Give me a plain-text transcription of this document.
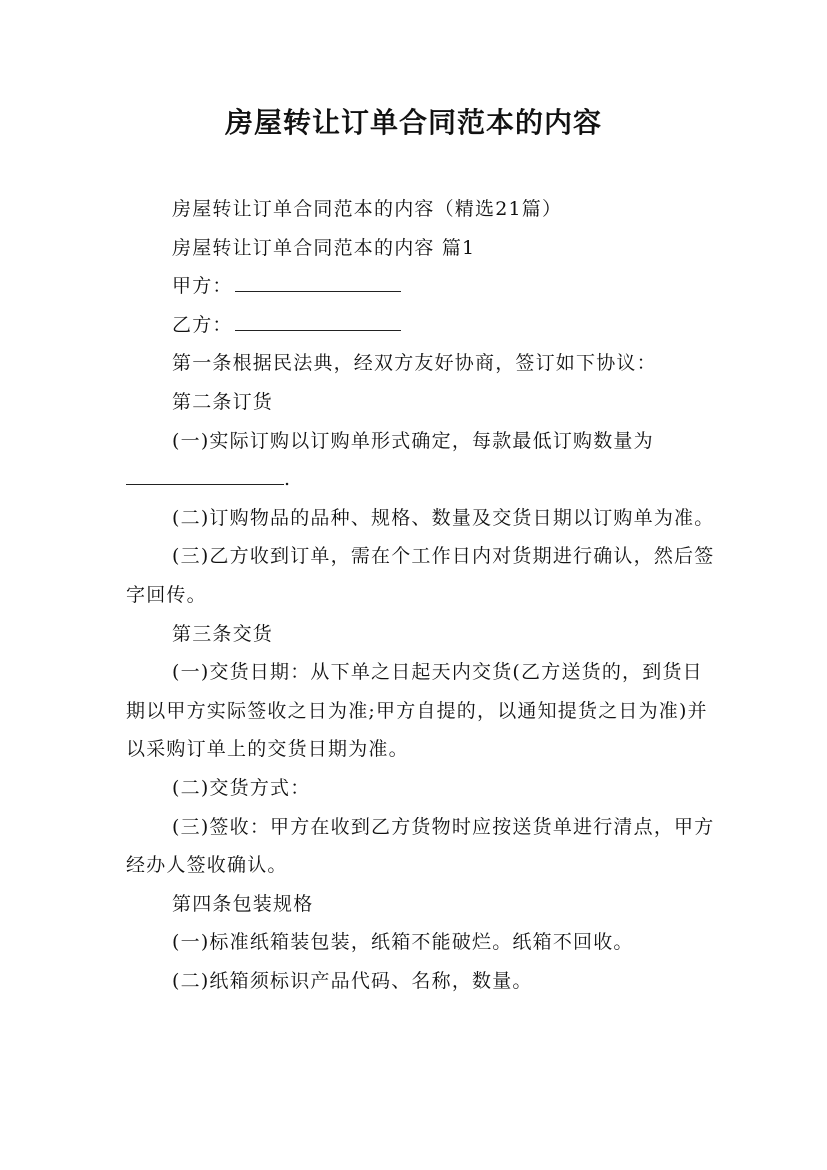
房屋转让订单合同范本的内容

房屋转让订单合同范本的内容（精选21篇）

房屋转让订单合同范本的内容 篇1

甲方：

乙方：

第一条根据民法典，经双方友好协商，签订如下协议：

第二条订货

(一)实际订购以订购单形式确定，每款最低订购数量为

.

(二)订购物品的品种、规格、数量及交货日期以订购单为准。

(三)乙方收到订单，需在个工作日内对货期进行确认，然后签字回传。

第三条交货

(一)交货日期：从下单之日起天内交货(乙方送货的，到货日期以甲方实际签收之日为准;甲方自提的，以通知提货之日为准)并以采购订单上的交货日期为准。

(二)交货方式：

(三)签收：甲方在收到乙方货物时应按送货单进行清点，甲方经办人签收确认。

第四条包装规格

(一)标准纸箱装包装，纸箱不能破烂。纸箱不回收。

(二)纸箱须标识产品代码、名称，数量。
